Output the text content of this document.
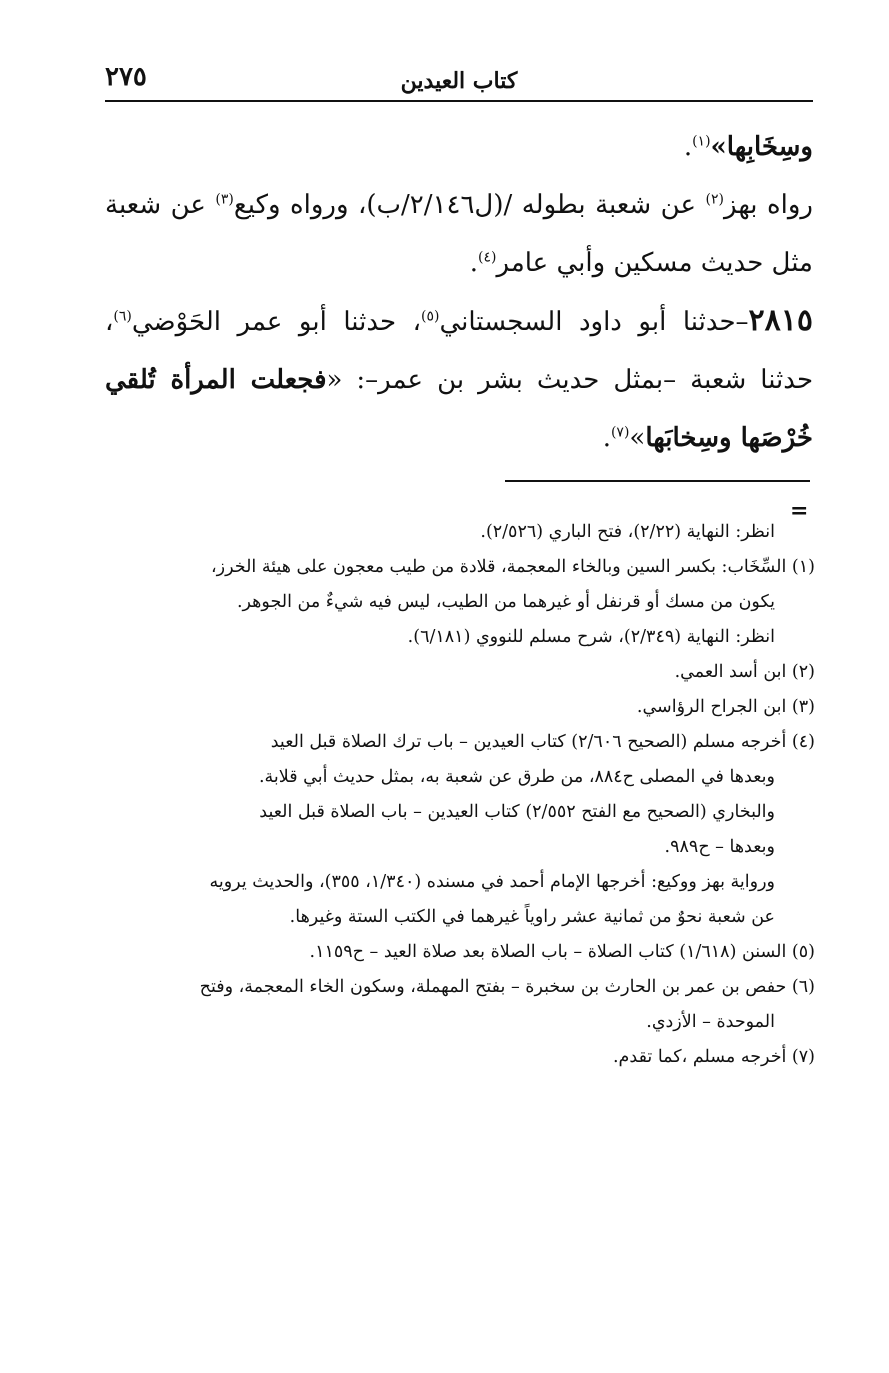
٢٧٥	كتاب العيدين

وسِخَابِها»$^{(١)}$.

رواه بهز$^{(٢)}$ عن شعبة بطوله /(ل٢/١٤٦/ب)، ورواه وكيع$^{(٣)}$ عن شعبة مثل حديث مسكين وأبي عامر$^{(٤)}$.

٢٨١٥–حدثنا أبو داود السجستاني$^{(٥)}$، حدثنا أبو عمر الحَوْضي$^{(٦)}$، حدثنا شعبة –بمثل حديث بشر بن عمر–: «فجعلت المرأة تُلقي خُرْصَها وسِخابَها»$^{(٧)}$.

=

انظر: النهاية (٢/٢٢)، فتح الباري (٢/٥٢٦).

(١) السِّخَاب: بكسر السين وبالخاء المعجمة، قلادة من طيب معجون على هيئة الخرز،

يكون من مسك أو قرنفل أو غيرهما من الطيب، ليس فيه شيءٌ من الجوهر.

انظر: النهاية (٢/٣٤٩)، شرح مسلم للنووي (٦/١٨١).

(٢) ابن أسد العمي.

(٣) ابن الجراح الرؤاسي.

(٤) أخرجه مسلم (الصحيح ٢/٦٠٦) كتاب العيدين – باب ترك الصلاة قبل العيد

وبعدها في المصلى ح٨٨٤، من طرق عن شعبة به، بمثل حديث أبي قلابة.

والبخاري (الصحيح مع الفتح ٢/٥٥٢) كتاب العيدين – باب الصلاة قبل العيد

وبعدها – ح٩٨٩.

ورواية بهز ووكيع: أخرجها الإمام أحمد في مسنده (١/٣٤٠، ٣٥٥)، والحديث يرويه

عن شعبة نحوٌ من ثمانية عشر راوياً غيرهما في الكتب الستة وغيرها.

(٥) السنن (١/٦١٨) كتاب الصلاة – باب الصلاة بعد صلاة العيد – ح١١٥٩.

(٦) حفص بن عمر بن الحارث بن سخبرة – بفتح المهملة، وسكون الخاء المعجمة، وفتح

الموحدة – الأزدي.

(٧) أخرجه مسلم ،كما تقدم.
